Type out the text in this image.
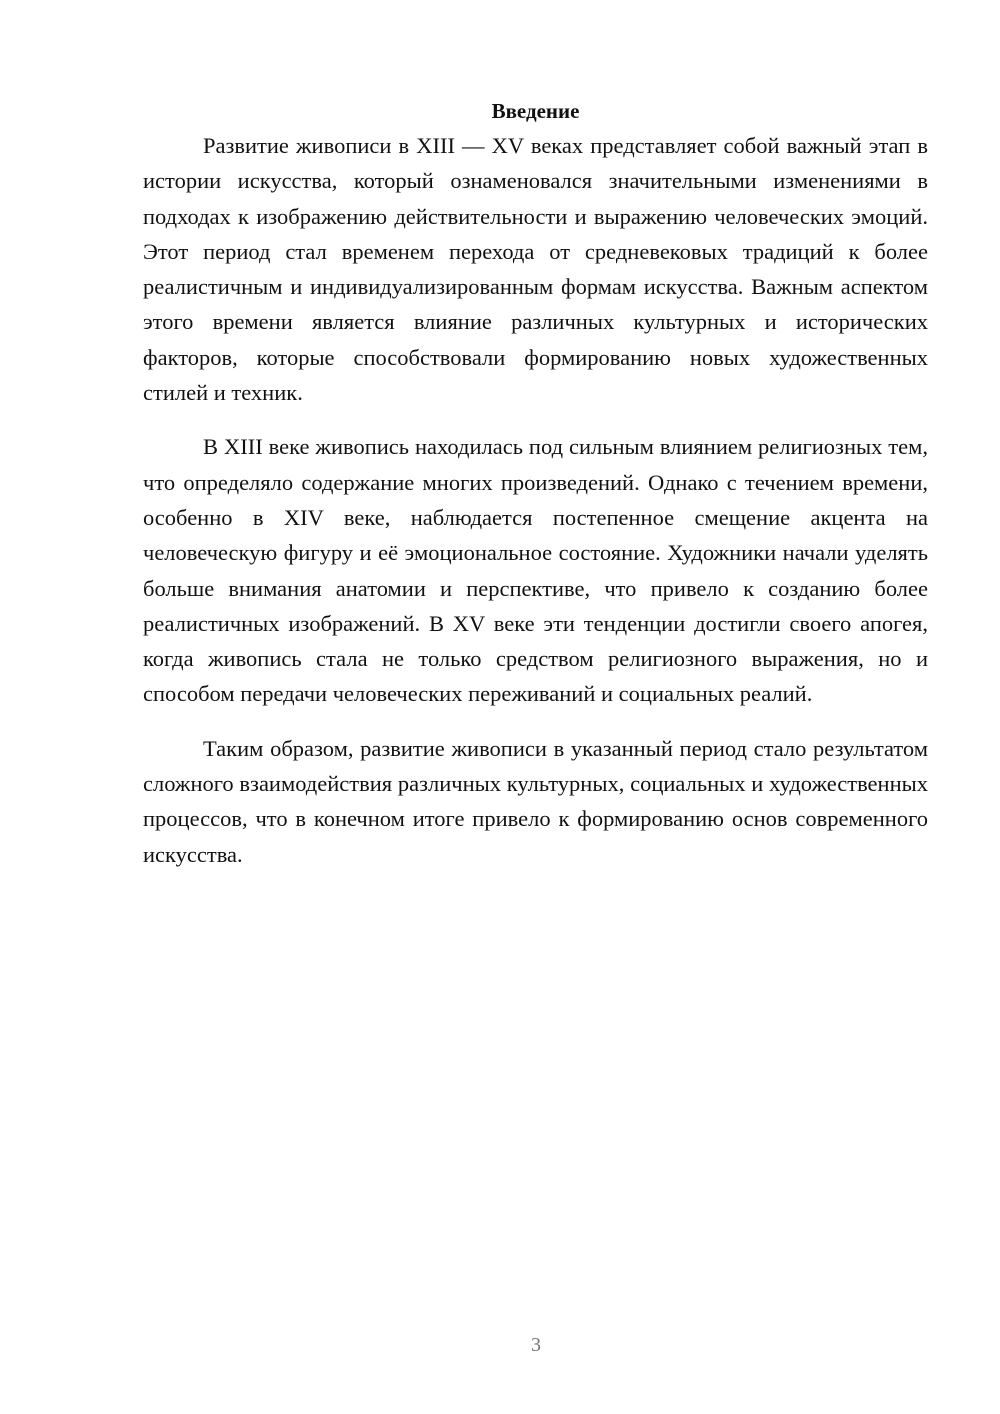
Введение

Развитие живописи в XIII — XV веках представляет собой важный этап в истории искусства, который ознаменовался значительными изменениями в подходах к изображению действительности и выражению человеческих эмоций. Этот период стал временем перехода от средневековых традиций к более реалистичным и индивидуализированным формам искусства. Важным аспектом этого времени является влияние различных культурных и исторических факторов, которые способствовали формированию новых художественных стилей и техник.

В XIII веке живопись находилась под сильным влиянием религиозных тем, что определяло содержание многих произведений. Однако с течением времени, особенно в XIV веке, наблюдается постепенное смещение акцента на человеческую фигуру и её эмоциональное состояние. Художники начали уделять больше внимания анатомии и перспективе, что привело к созданию более реалистичных изображений. В XV веке эти тенденции достигли своего апогея, когда живопись стала не только средством религиозного выражения, но и способом передачи человеческих переживаний и социальных реалий.

Таким образом, развитие живописи в указанный период стало результатом сложного взаимодействия различных культурных, социальных и художественных процессов, что в конечном итоге привело к формированию основ современного искусства.

3
